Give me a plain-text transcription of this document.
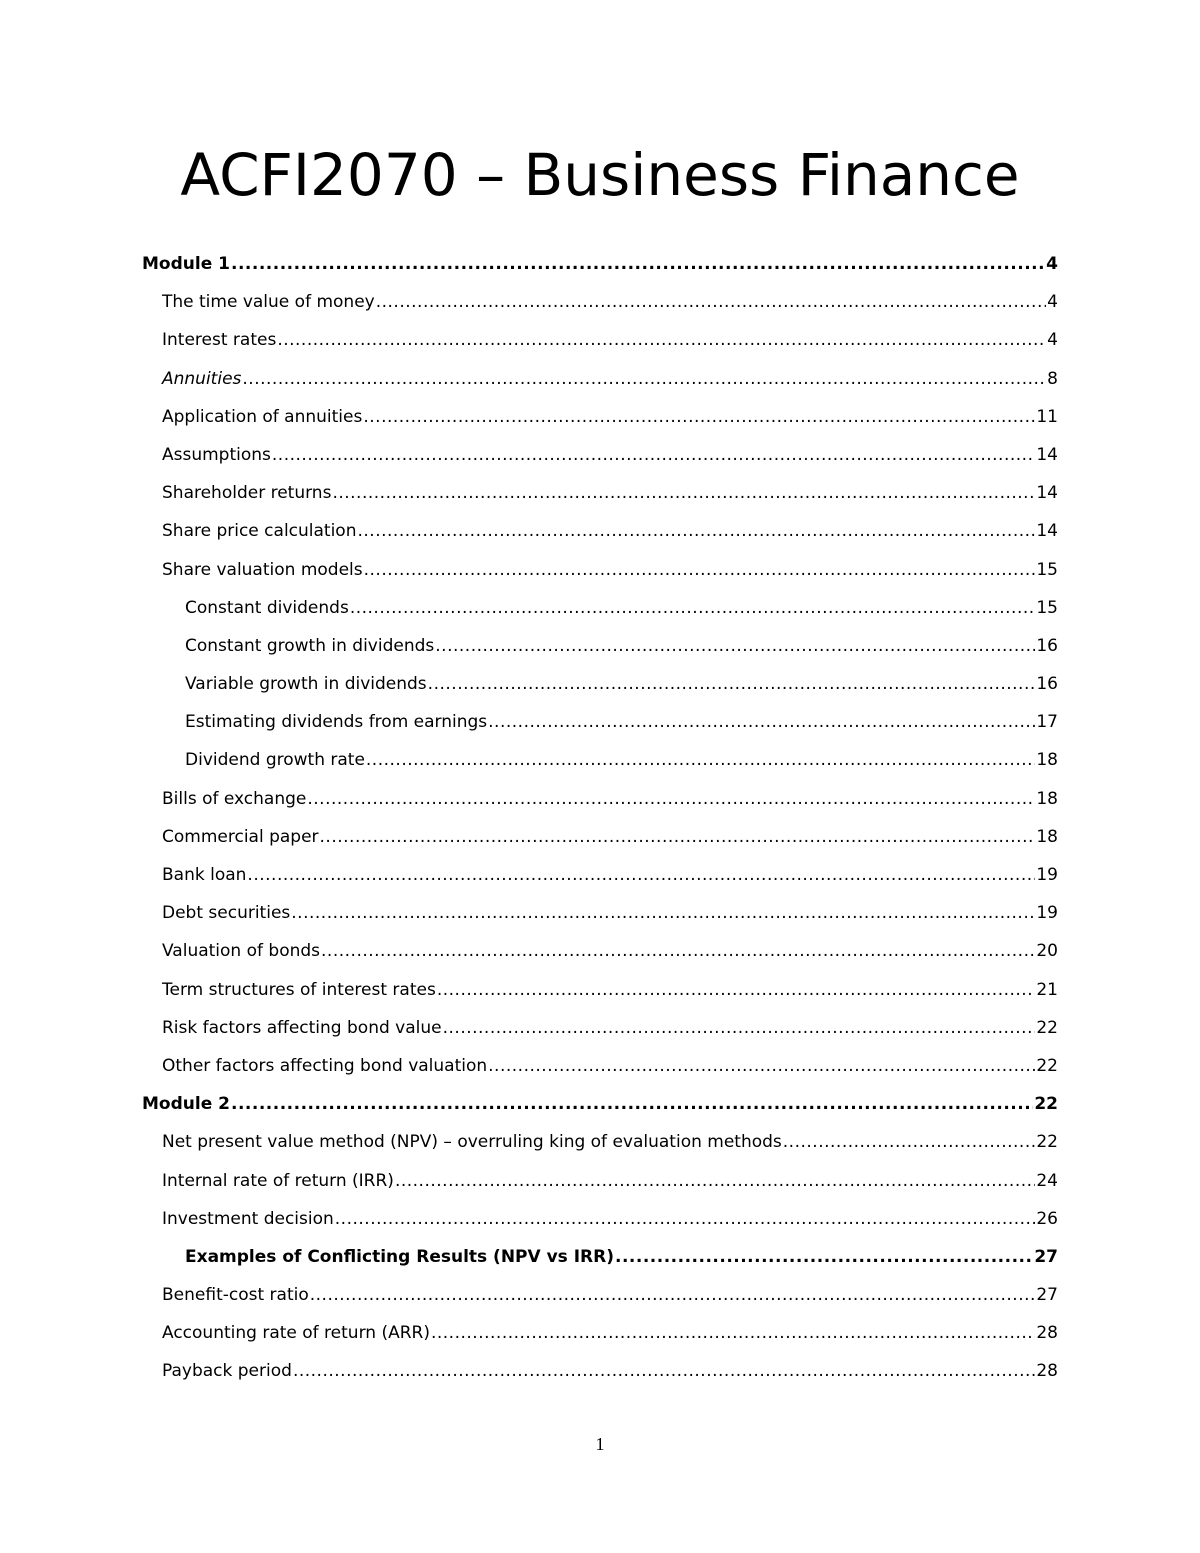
ACFI2070 – Business Finance
Module 1 .....	4
The time value of money .....	4
Interest rates .....	4
Annuities .....	8
Application of annuities .....	11
Assumptions .....	14
Shareholder returns .....	14
Share price calculation .....	14
Share valuation models .....	15
Constant dividends .....	15
Constant growth in dividends .....	16
Variable growth in dividends .....	16
Estimating dividends from earnings .....	17
Dividend growth rate .....	18
Bills of exchange .....	18
Commercial paper .....	18
Bank loan .....	19
Debt securities .....	19
Valuation of bonds .....	20
Term structures of interest rates .....	21
Risk factors affecting bond value .....	22
Other factors affecting bond valuation .....	22
Module 2 .....	22
Net present value method (NPV) – overruling king of evaluation methods .....	22
Internal rate of return (IRR) .....	24
Investment decision .....	26
Examples of Conflicting Results (NPV vs IRR) .....	27
Benefit-cost ratio .....	27
Accounting rate of return (ARR) .....	28
Payback period .....	28
1
